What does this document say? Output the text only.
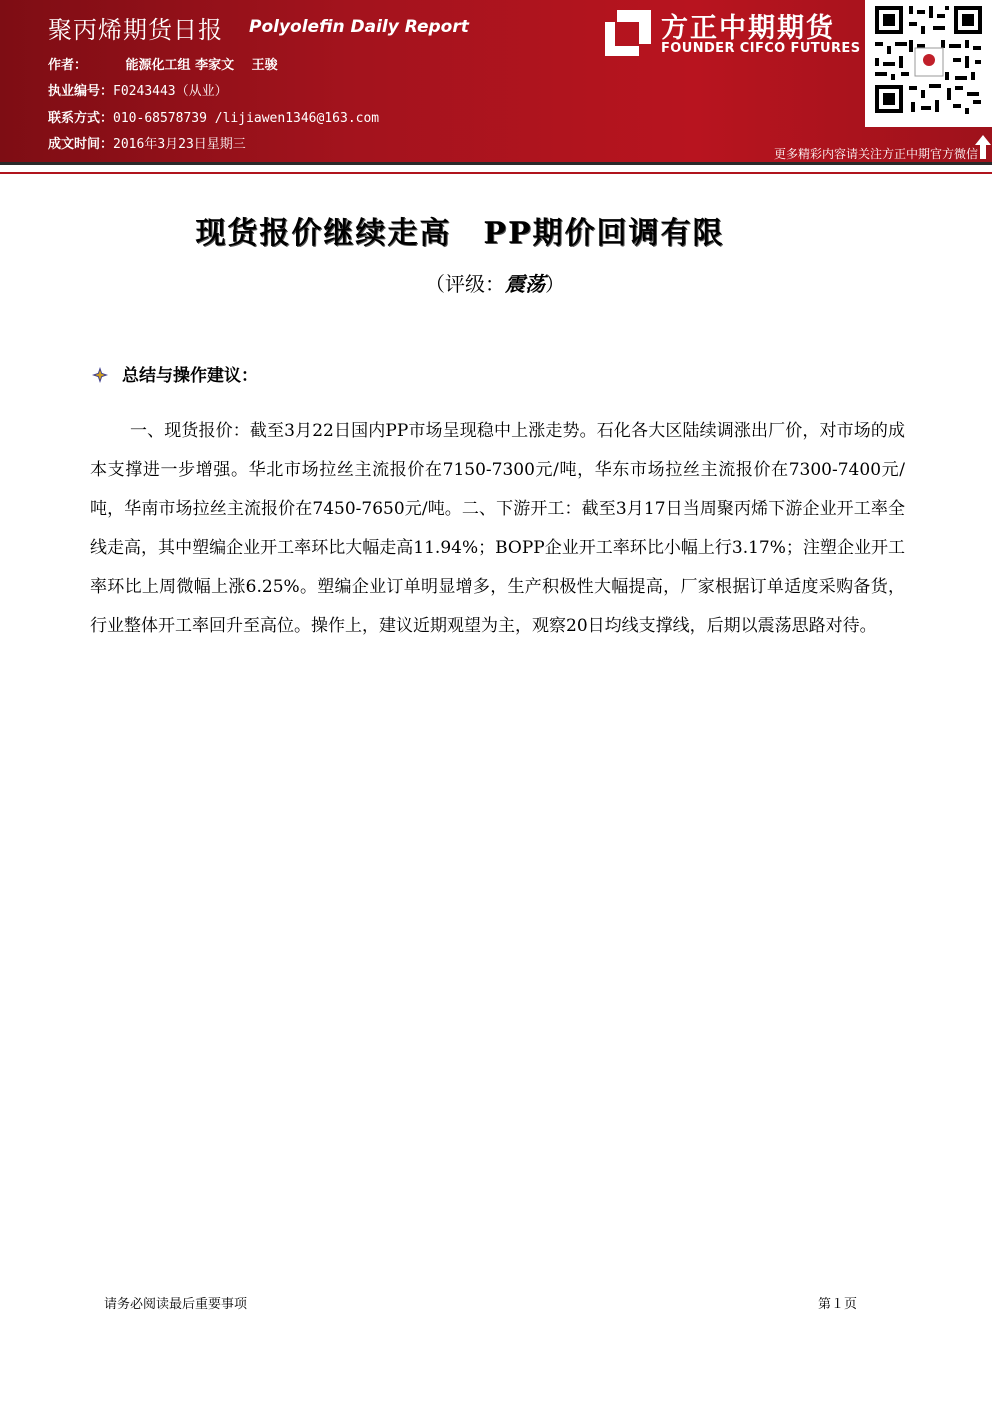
聚丙烯期货日报 Polyolefin Daily Report
作者：	能源化工组 李家文　 王骏
执业编号：F0243443（从业）
联系方式：010-68578739 /lijiawen1346@163.com
成文时间：2016年3月23日星期三
方正中期期货
FOUNDER CIFCO FUTURES
更多精彩内容请关注方正中期官方微信
现货报价继续走高　PP期价回调有限
（评级：震荡）
总结与操作建议：
一、现货报价：截至3月22日国内PP市场呈现稳中上涨走势。石化各大区陆续调涨出厂价，对市场的成本支撑进一步增强。华北市场拉丝主流报价在7150-7300元/吨，华东市场拉丝主流报价在7300-7400元/吨，华南市场拉丝主流报价在7450-7650元/吨。二、下游开工：截至3月17日当周聚丙烯下游企业开工率全线走高，其中塑编企业开工率环比大幅走高11.94%；BOPP企业开工率环比小幅上行3.17%；注塑企业开工率环比上周微幅上涨6.25%。塑编企业订单明显增多，生产积极性大幅提高，厂家根据订单适度采购备货，行业整体开工率回升至高位。操作上，建议近期观望为主，观察20日均线支撑线，后期以震荡思路对待。
请务必阅读最后重要事项	第１页
